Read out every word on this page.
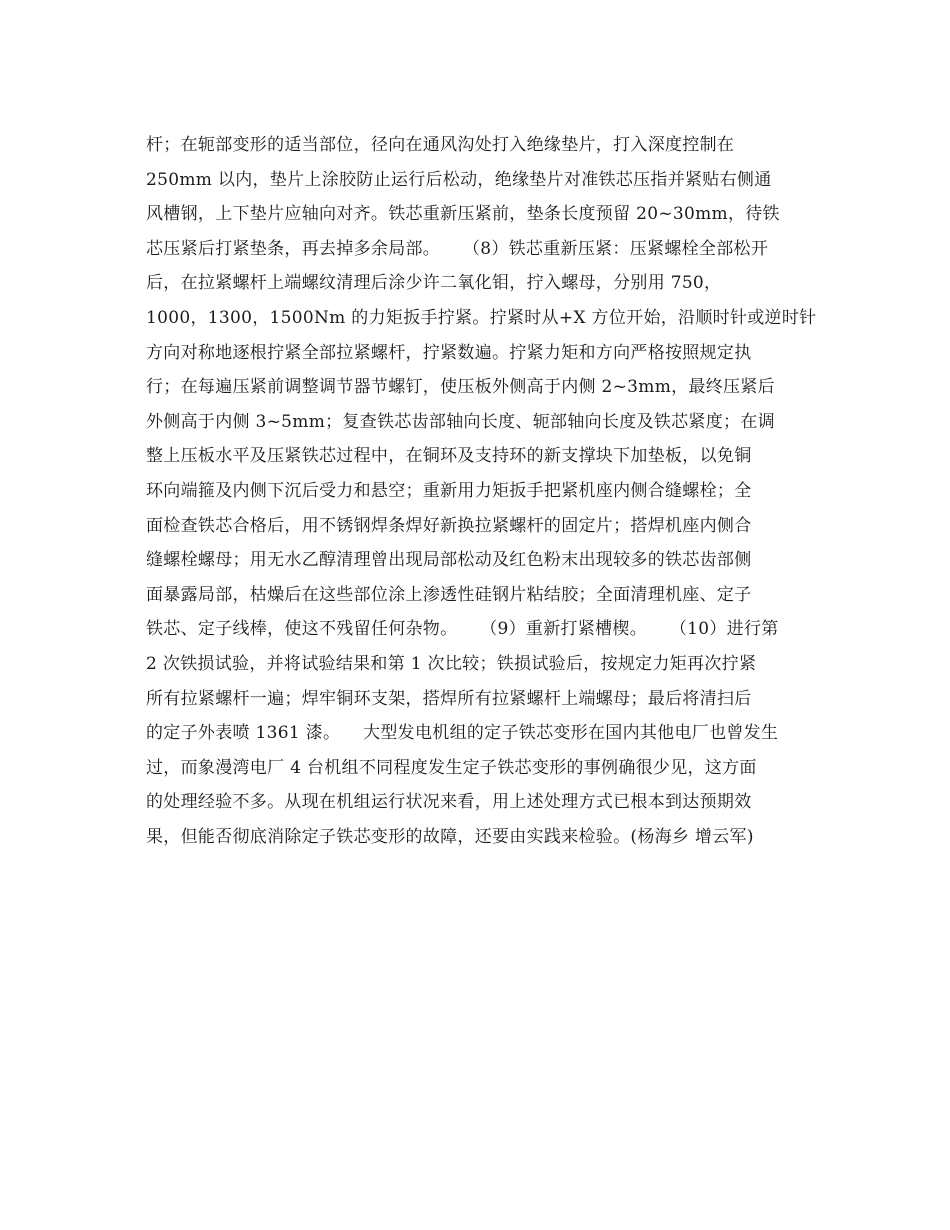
杆；在轭部变形的适当部位，径向在通风沟处打入绝缘垫片，打入深度控制在
250mm 以内，垫片上涂胶防止运行后松动，绝缘垫片对准铁芯压指并紧贴右侧通
风槽钢，上下垫片应轴向对齐。铁芯重新压紧前，垫条长度预留 20~30mm，待铁
芯压紧后打紧垫条，再去掉多余局部。    （8）铁芯重新压紧：压紧螺栓全部松开
后，在拉紧螺杆上端螺纹清理后涂少许二氧化钼，拧入螺母，分别用 750，
1000，1300，1500Nm 的力矩扳手拧紧。拧紧时从+X 方位开始，沿顺时针或逆时针
方向对称地逐根拧紧全部拉紧螺杆，拧紧数遍。拧紧力矩和方向严格按照规定执
行；在每遍压紧前调整调节器节螺钉，使压板外侧高于内侧 2~3mm，最终压紧后
外侧高于内侧 3~5mm；复查铁芯齿部轴向长度、轭部轴向长度及铁芯紧度；在调
整上压板水平及压紧铁芯过程中，在铜环及支持环的新支撑块下加垫板，以免铜
环向端箍及内侧下沉后受力和悬空；重新用力矩扳手把紧机座内侧合缝螺栓；全
面检查铁芯合格后，用不锈钢焊条焊好新换拉紧螺杆的固定片；搭焊机座内侧合
缝螺栓螺母；用无水乙醇清理曾出现局部松动及红色粉末出现较多的铁芯齿部侧
面暴露局部，枯燥后在这些部位涂上渗透性硅钢片粘结胶；全面清理机座、定子
铁芯、定子线棒，使这不残留任何杂物。    （9）重新打紧槽楔。    （10）进行第
2 次铁损试验，并将试验结果和第 1 次比较；铁损试验后，按规定力矩再次拧紧
所有拉紧螺杆一遍；焊牢铜环支架，搭焊所有拉紧螺杆上端螺母；最后将清扫后
的定子外表喷 1361 漆。    大型发电机组的定子铁芯变形在国内其他电厂也曾发生
过，而象漫湾电厂 4 台机组不同程度发生定子铁芯变形的事例确很少见，这方面
的处理经验不多。从现在机组运行状况来看，用上述处理方式已根本到达预期效
果，但能否彻底消除定子铁芯变形的故障，还要由实践来检验。(杨海乡 增云军)
